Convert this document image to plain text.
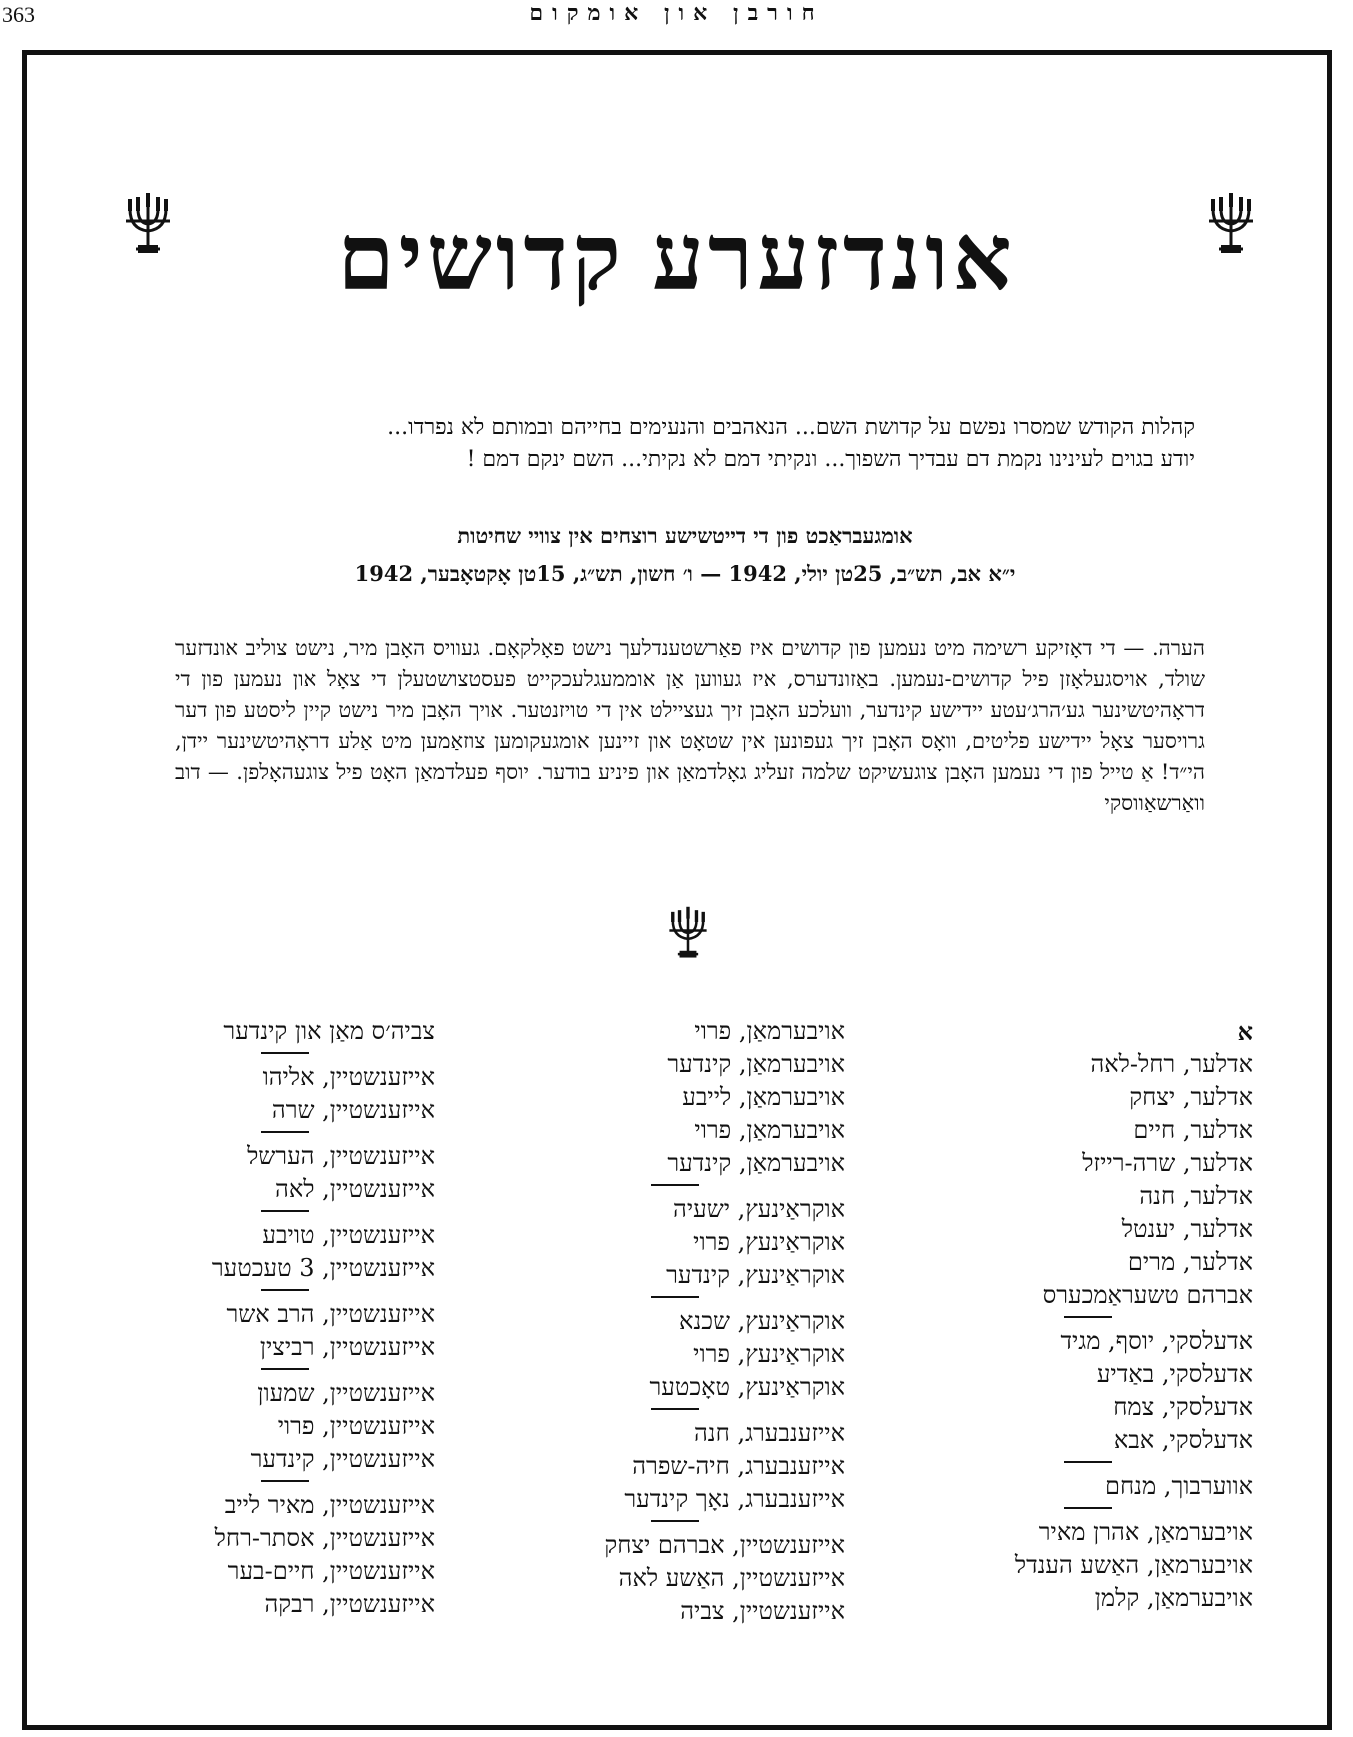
363	חורבן און אומקום
אונדזערע קדושים
קהלות הקודש שמסרו נפשם על קדושת השם... הנאהבים והנעימים בחייהם ובמותם לא נפרדו...
יודע בגוים לעינינו נקמת דם עבדיך השפוך... ונקיתי דמם לא נקיתי... השם ינקם דמם !
אומגעבראַכט פון די דייטשישע רוצחים אין צוויי שחיטות
י״א אב, תש״ב, 25טן יולי, 1942 — ו׳ חשון, תש״ג, 15טן אָקטאָבער, 1942
הערה. — די דאָזיקע רשימה מיט נעמען פון קדושים איז פאַרשטענדלעך נישט פאָלקאָם. געוויס האָבן מיר, נישט צוליב אונדזער שולד, אויסגעלאָזן פיל קדושים-נעמען. באַזונדערס, איז געווען אַן אוממעגלעכקייט פעסטצושטעלן די צאָל און נעמען פון די דראָהיטשינער גע׳הרג׳עטע יידישע קינדער, וועלכע האָבן זיך געציילט אין די טויזנטער. אויך האָבן מיר נישט קיין ליסטע פון דער גרויסער צאָל יידישע פליטים, וואָס האָבן זיך געפונען אין שטאָט און זיינען אומגעקומען צוזאַמען מיט אַלע דראָהיטשינער יידן, הי״ד! אַ טייל פון די נעמען האָבן צוגעשיקט שלמה זעליג גאָלדמאַן און פיניע בודער. יוסף פעלדמאַן האָט פיל צוגעהאָלפן. — דוב וואַרשאַווסקי
א
אדלער, רחל-לאה
אדלער, יצחק
אדלער, חיים
אדלער, שרה-רייזל
אדלער, חנה
אדלער, יענטל
אדלער, מרים
אברהם טשעראַמכערס
אדעלסקי, יוסף, מגיד
אדעלסקי, באַדיע
אדעלסקי, צמח
אדעלסקי, אבא
אווערבוך, מנחם
אויבערמאַן, אהרן מאיר
אויבערמאַן, האַשע הענדל
אויבערמאַן, קלמן
אויבערמאַן, פרוי
אויבערמאַן, קינדער
אויבערמאַן, לייבע
אויבערמאַן, פרוי
אויבערמאַן, קינדער
אוקראַינעץ, ישעיה
אוקראַינעץ, פרוי
אוקראַינעץ, קינדער
אוקראַינעץ, שכנא
אוקראַינעץ, פרוי
אוקראַינעץ, טאָכטער
אייזענבערג, חנה
אייזענבערג, חיה-שפרה
אייזענבערג, נאָך קינדער
אייזענשטיין, אברהם יצחק
אייזענשטיין, האַשע לאה
אייזענשטיין, צביה
צביה׳ס מאַן און קינדער
אייזענשטיין, אליהו
אייזענשטיין, שרה
אייזענשטיין, הערשל
אייזענשטיין, לאה
אייזענשטיין, טויבע
אייזענשטיין, 3 טעכטער
אייזענשטיין, הרב אשר
אייזענשטיין, רביצין
אייזענשטיין, שמעון
אייזענשטיין, פרוי
אייזענשטיין, קינדער
אייזענשטיין, מאיר לייב
אייזענשטיין, אסתר-רחל
אייזענשטיין, חיים-בער
אייזענשטיין, רבקה
